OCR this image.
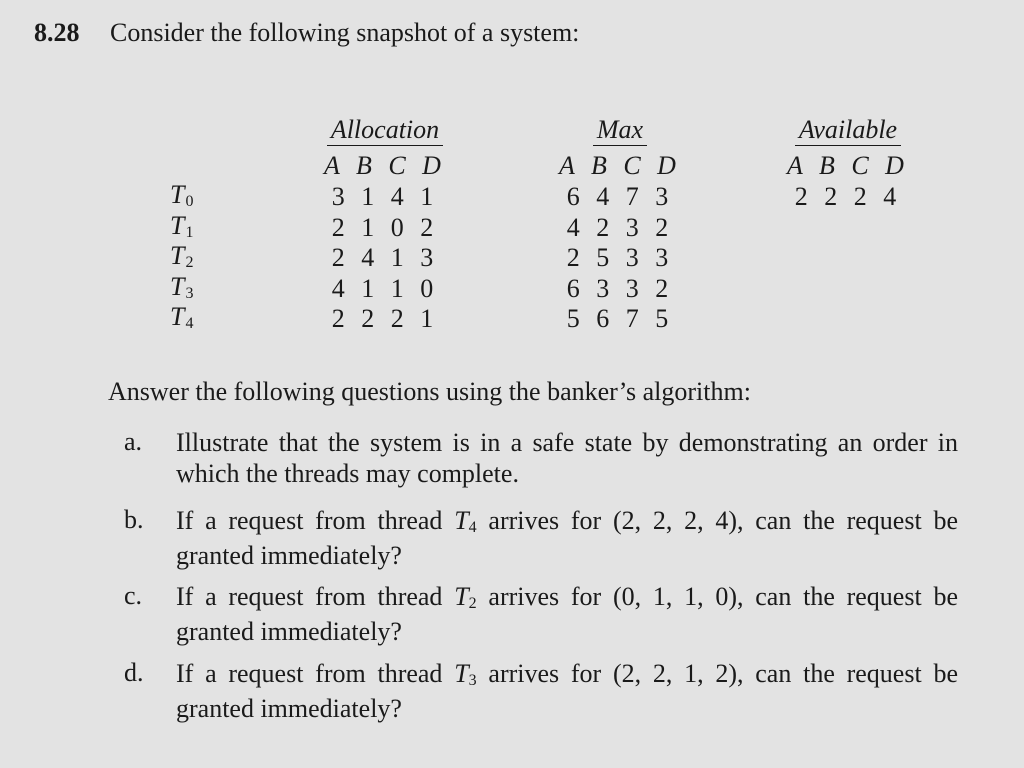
8.28 Consider the following snapshot of a system:
$T_0$
$T_1$
$T_2$
$T_3$
$T_4$
Allocation
A B C D
3 1 4 1
2 1 0 2
2 4 1 3
4 1 1 0
2 2 2 1
Max
A B C D
6 4 7 3
4 2 3 2
2 5 3 3
6 3 3 2
5 6 7 5
Available
A B C D
2 2 2 4
Answer the following questions using the banker’s algorithm:
a. Illustrate that the system is in a safe state by demonstrating an order in which the threads may complete.
b. If a request from thread $T_4$ arrives for (2, 2, 2, 4), can the request be granted immediately?
c. If a request from thread $T_2$ arrives for (0, 1, 1, 0), can the request be granted immediately?
d. If a request from thread $T_3$ arrives for (2, 2, 1, 2), can the request be granted immediately?
